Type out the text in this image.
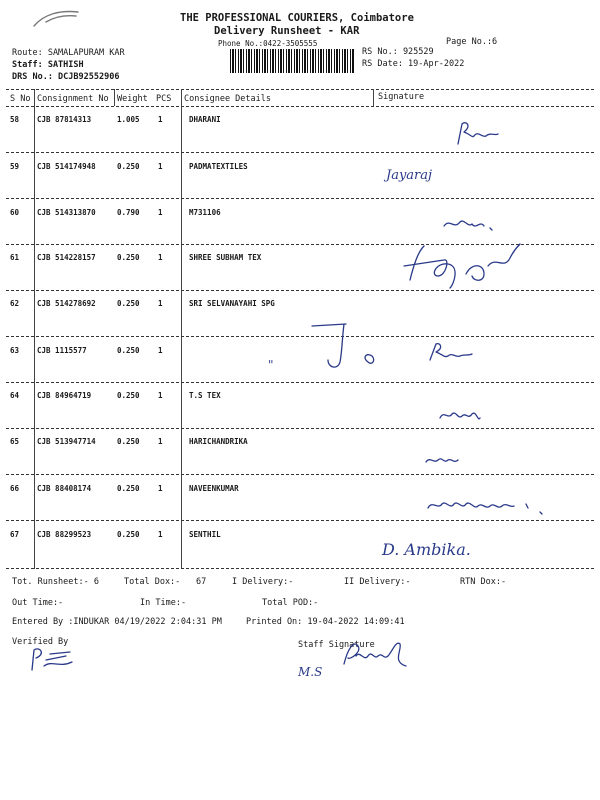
THE PROFESSIONAL COURIERS, Coimbatore
Delivery Runsheet - KAR
Phone No.:0422-3505555	Page No.:6
Route: SAMALAPURAM KAR
Staff: SATHISH
DRS No.: DCJB92552906
RS No.: 925529
RS Date: 19-Apr-2022
S No Consignment No Weight PCS Consignee Details	Signature
58 CJB 87814313	1.005 1	DHARANI
59 CJB 514174948	0.250 1	PADMATEXTILES
60 CJB 514313870	0.790 1	M731106
61 CJB 514228157	0.250 1	SHREE SUBHAM TEX
62 CJB 514278692	0.250 1	SRI SELVANAYAHI SPG
63 CJB 1115577	0.250 1
64 CJB 84964719	0.250 1	T.S TEX
65 CJB 513947714	0.250 1	HARICHANDRIKA
66 CJB 88408174	0.250 1	NAVEENKUMAR
67 CJB 88299523	0.250 1	SENTHIL
Jayaraj
"
D. Ambika.
Tot. Runsheet:- 6	Total Dox:- 67	I Delivery:-	II Delivery:-	RTN Dox:-
Out Time:-	In Time:-	Total POD:-
Entered By :INDUKAR 04/19/2022 2:04:31 PM	Printed On: 19-04-2022 14:09:41
Verified By	Staff Signature
M.S
